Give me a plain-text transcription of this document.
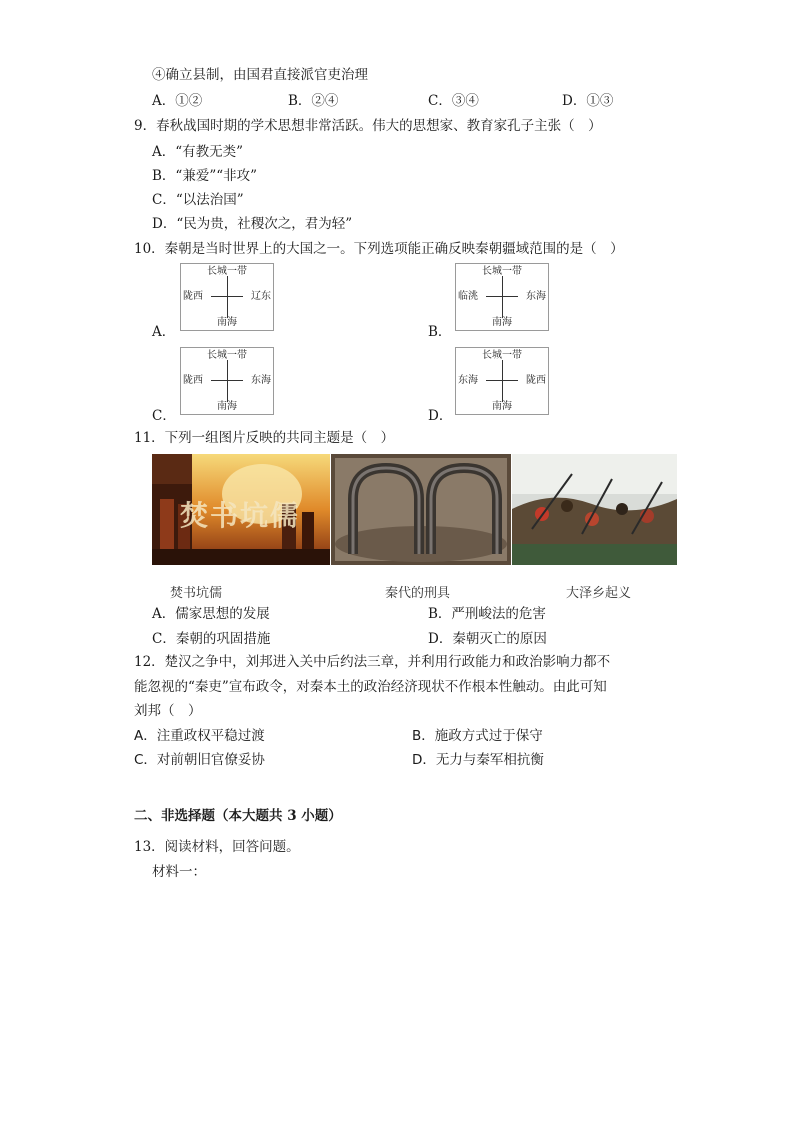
④确立县制，由国君直接派官吏治理
A．①②	B．②④	C．③④	D．①③
9．春秋战国时期的学术思想非常活跃。伟大的思想家、教育家孔子主张（　）
A．“有教无类”
B．“兼爱”“非攻”
C．“以法治国”
D．“民为贵，社稷次之，君为轻”
10．秦朝是当时世界上的大国之一。下列选项能正确反映秦朝疆域范围的是（　）
A．
长城一带
南海
陇西	辽东
B．
长城一带
南海
临洮	东海
C．
长城一带
南海
陇西	东海
D．
长城一带
南海
东海	陇西
11．下列一组图片反映的共同主题是（　）
焚书坑儒
焚书坑儒	秦代的刑具	大泽乡起义
A．儒家思想的发展	B．严刑峻法的危害
C．秦朝的巩固措施	D．秦朝灭亡的原因
12．楚汉之争中，刘邦进入关中后约法三章，并利用行政能力和政治影响力都不
能忽视的“秦吏”宣布政令，对秦本土的政治经济现状不作根本性触动。由此可知
刘邦（　）
A．注重政权平稳过渡	B．施政方式过于保守
C．对前朝旧官僚妥协	D．无力与秦军相抗衡
二、非选择题（本大题共 3 小题）
13．阅读材料，回答问题。
材料一：
